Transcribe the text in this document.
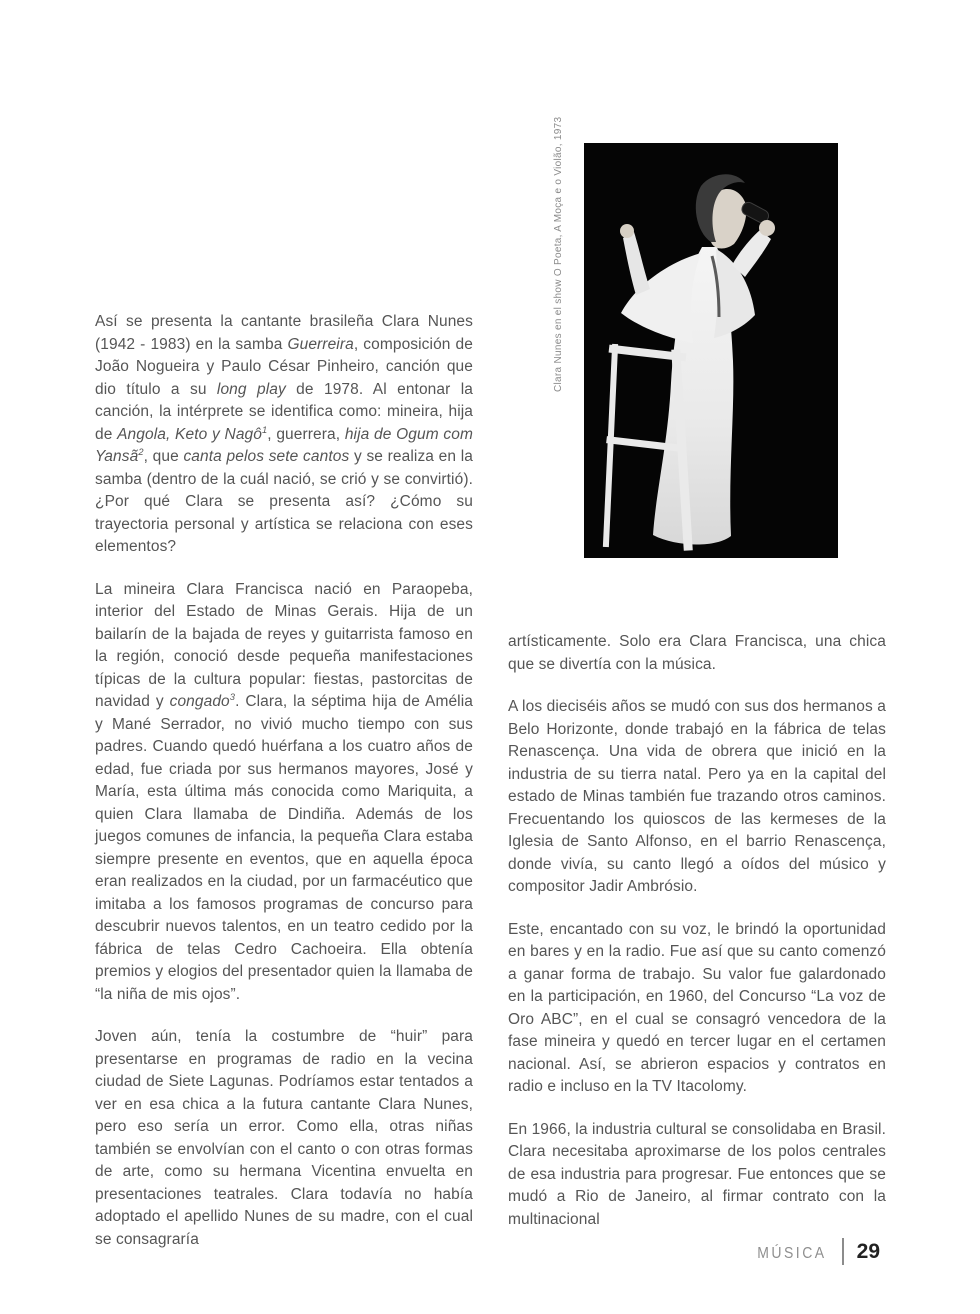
Clara Nunes en el show O Poeta, A Moça e o Violão, 1973

Así se presenta la cantante brasileña Clara Nunes (1942 - 1983) en la samba Guerreira, composición de João Nogueira y Paulo César Pinheiro, canción que dio título a su long play de 1978. Al entonar la canción, la intérprete se identifica como: mineira, hija de Angola, Keto y Nagô$^1$, guerrera, hija de Ogum com Yansã$^2$, que canta pelos sete cantos y se realiza en la samba (dentro de la cuál nació, se crió y se convirtió). ¿Por qué Clara se presenta así? ¿Cómo su trayectoria personal y artística se relaciona con eses elementos?

La mineira Clara Francisca nació en Paraopeba, interior del Estado de Minas Gerais. Hija de un bailarín de la bajada de reyes y guitarrista famoso en la región, conoció desde pequeña manifestaciones típicas de la cultura popular: fiestas, pastorcitas de navidad y congado$^3$. Clara, la séptima hija de Amélia y Mané Serrador, no vivió mucho tiempo con sus padres. Cuando quedó huérfana a los cuatro años de edad, fue criada por sus hermanos mayores, José y María, esta última más conocida como Mariquita, a quien Clara llamaba de Dindiña. Además de los juegos comunes de infancia, la pequeña Clara estaba siempre presente en eventos, que en aquella época eran realizados en la ciudad, por un farmacéutico que imitaba a los famosos programas de concurso para descubrir nuevos talentos, en un teatro cedido por la fábrica de telas Cedro Cachoeira. Ella obtenía premios y elogios del presentador quien la llamaba de “la niña de mis ojos”.

Joven aún, tenía la costumbre de “huir” para presentarse en programas de radio en la vecina ciudad de Siete Lagunas. Podríamos estar tentados a ver en esa chica a la futura cantante Clara Nunes, pero eso sería un error. Como ella, otras niñas también se envolvían con el canto o con otras formas de arte, como su hermana Vicentina envuelta en presentaciones teatrales. Clara todavía no había adoptado el apellido Nunes de su madre, con el cual se consagraría

artísticamente. Solo era Clara Francisca, una chica que se divertía con la música.

A los dieciséis años se mudó con sus dos hermanos a Belo Horizonte, donde trabajó en la fábrica de telas Renascença. Una vida de obrera que inició en la industria de su tierra natal. Pero ya en la capital del estado de Minas también fue trazando otros caminos. Frecuentando los quioscos de las kermeses de la Iglesia de Santo Alfonso, en el barrio Renascença, donde vivía, su canto llegó a oídos del músico y compositor Jadir Ambrósio.

Este, encantado con su voz, le brindó la oportunidad en bares y en la radio. Fue así que su canto comenzó a ganar forma de trabajo. Su valor fue galardonado en la participación, en 1960, del Concurso “La voz de Oro ABC”, en el cual se consagró vencedora de la fase mineira y quedó en tercer lugar en el certamen nacional. Así, se abrieron espacios y contratos en radio e incluso en la TV Itacolomy.

En 1966, la industria cultural se consolidaba en Brasil. Clara necesitaba aproximarse de los polos centrales de esa industria para progresar. Fue entonces que se mudó a Rio de Janeiro, al firmar contrato con la multinacional

MÚSICA 29
